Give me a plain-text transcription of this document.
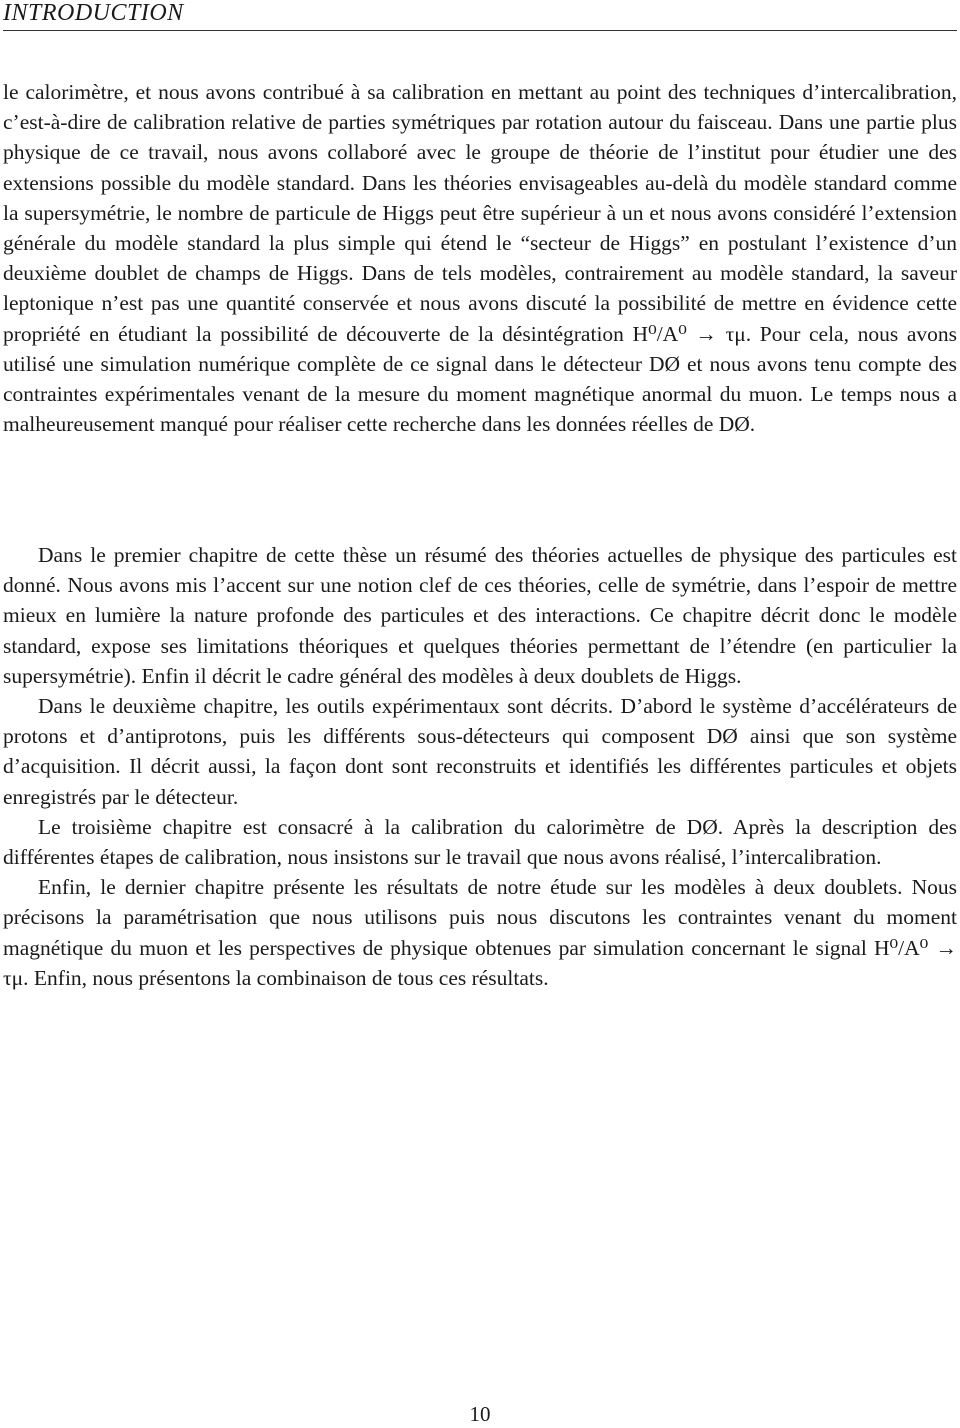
INTRODUCTION

le calorimètre, et nous avons contribué à sa calibration en mettant au point des techniques d’intercalibration, c’est-à-dire de calibration relative de parties symétriques par rotation autour du faisceau. Dans une partie plus physique de ce travail, nous avons collaboré avec le groupe de théorie de l’institut pour étudier une des extensions possible du modèle standard. Dans les théories envisageables au-delà du modèle standard comme la supersymétrie, le nombre de particule de Higgs peut être supérieur à un et nous avons considéré l’extension générale du modèle standard la plus simple qui étend le “secteur de Higgs” en postulant l’existence d’un deuxième doublet de champs de Higgs. Dans de tels modèles, contrairement au modèle standard, la saveur leptonique n’est pas une quantité conservée et nous avons discuté la possibilité de mettre en évidence cette propriété en étudiant la possibilité de découverte de la désintégration H⁰/A⁰ → τμ. Pour cela, nous avons utilisé une simulation numérique complète de ce signal dans le détecteur DØ et nous avons tenu compte des contraintes expérimentales venant de la mesure du moment magnétique anormal du muon. Le temps nous a malheureusement manqué pour réaliser cette recherche dans les données réelles de DØ.

Dans le premier chapitre de cette thèse un résumé des théories actuelles de physique des particules est donné. Nous avons mis l’accent sur une notion clef de ces théories, celle de symétrie, dans l’espoir de mettre mieux en lumière la nature profonde des particules et des interactions. Ce chapitre décrit donc le modèle standard, expose ses limitations théoriques et quelques théories permettant de l’étendre (en particulier la supersymétrie). Enfin il décrit le cadre général des modèles à deux doublets de Higgs.

Dans le deuxième chapitre, les outils expérimentaux sont décrits. D’abord le système d’accélérateurs de protons et d’antiprotons, puis les différents sous-détecteurs qui composent DØ ainsi que son système d’acquisition. Il décrit aussi, la façon dont sont reconstruits et identifiés les différentes particules et objets enregistrés par le détecteur.

Le troisième chapitre est consacré à la calibration du calorimètre de DØ. Après la description des différentes étapes de calibration, nous insistons sur le travail que nous avons réalisé, l’intercalibration.

Enfin, le dernier chapitre présente les résultats de notre étude sur les modèles à deux doublets. Nous précisons la paramétrisation que nous utilisons puis nous discutons les contraintes venant du moment magnétique du muon et les perspectives de physique obtenues par simulation concernant le signal H⁰/A⁰ → τμ. Enfin, nous présentons la combinaison de tous ces résultats.

10
